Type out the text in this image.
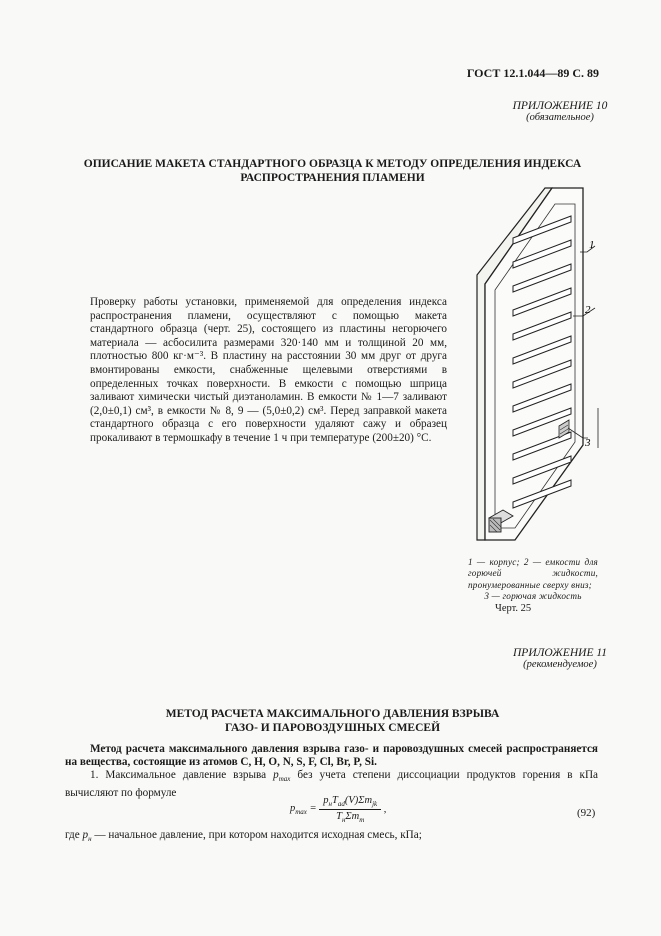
ГОСТ 12.1.044—89 С. 89
ПРИЛОЖЕНИЕ 10
(обязательное)
ОПИСАНИЕ МАКЕТА СТАНДАРТНОГО ОБРАЗЦА К МЕТОДУ ОПРЕДЕЛЕНИЯ ИНДЕКСА
РАСПРОСТРАНЕНИЯ ПЛАМЕНИ
Проверку работы установки, применяемой для определения индекса распространения пламени, осуществляют с помощью макета стандартного образца (черт. 25), состоящего из пластины негорючего материала — асбосилита размерами 320·140 мм и толщиной 20 мм, плотностью 800 кг·м⁻³. В пластину на расстоянии 30 мм друг от друга вмонтированы емкости, снабженные щелевыми отверстиями в определенных точках поверхности. В емкости с помощью шприца заливают химически чистый диэтаноламин. В емкости № 1—7 заливают (2,0±0,1) см³, в емкости № 8, 9 — (5,0±0,2) см³. Перед заправкой макета стандартного образца с его поверхности удаляют сажу и образец прокаливают в термошкафу в течение 1 ч при температуре (200±20) °С.
1
2
3
1 — корпус; 2 — емкости для горючей жидкости, пронумерованные сверху вниз;
3 — горючая жидкость
Черт. 25
ПРИЛОЖЕНИЕ 11
(рекомендуемое)
МЕТОД РАСЧЕТА МАКСИМАЛЬНОГО ДАВЛЕНИЯ ВЗРЫВА
ГАЗО- И ПАРОВОЗДУШНЫХ СМЕСЕЙ
Метод расчета максимального давления взрыва газо- и паровоздушных смесей распространяется на вещества, состоящие из атомов C, H, O, N, S, F, Cl, Br, P, Si.
1. Максимальное давление взрыва $p_{max}$ без учета степени диссоциации продуктов горения в кПа вычисляют по формуле
$p_{max} = \frac{p_нT_{ad}(V)\Sigma m_{jk}}{T_н\Sigma m_m}$ ,	(92)
где $p_н$ — начальное давление, при котором находится исходная смесь, кПа;
